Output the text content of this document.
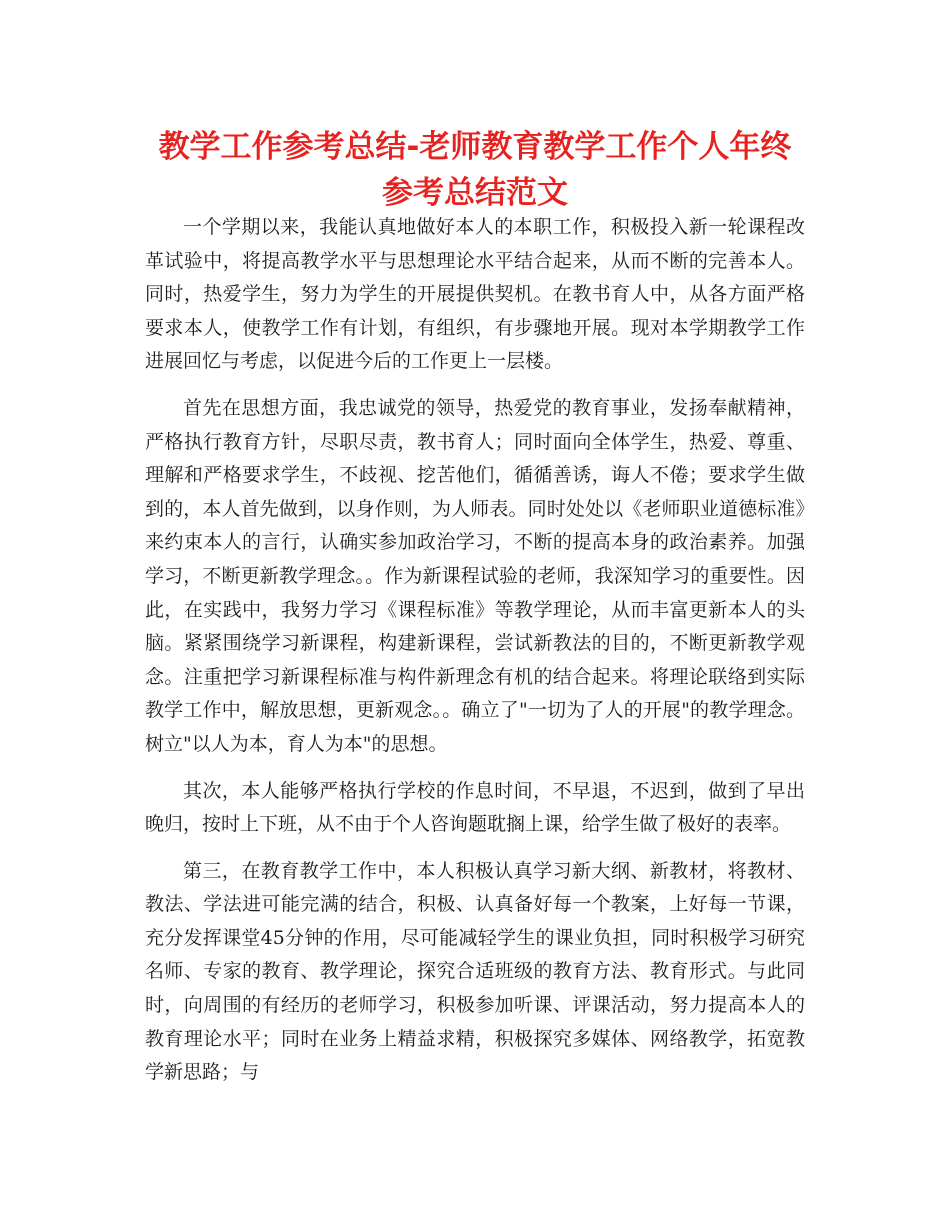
教学工作参考总结-老师教育教学工作个人年终
参考总结范文

一个学期以来，我能认真地做好本人的本职工作，积极投入新一轮课程改革试验中，将提高教学水平与思想理论水平结合起来，从而不断的完善本人。同时，热爱学生，努力为学生的开展提供契机。在教书育人中，从各方面严格要求本人，使教学工作有计划，有组织，有步骤地开展。现对本学期教学工作进展回忆与考虑，以促进今后的工作更上一层楼。

首先在思想方面，我忠诚党的领导，热爱党的教育事业，发扬奉献精神，严格执行教育方针，尽职尽责，教书育人；同时面向全体学生，热爱、尊重、理解和严格要求学生，不歧视、挖苦他们，循循善诱，诲人不倦；要求学生做到的，本人首先做到，以身作则，为人师表。同时处处以《老师职业道德标准》来约束本人的言行，认确实参加政治学习，不断的提高本身的政治素养。加强学习，不断更新教学理念。。作为新课程试验的老师，我深知学习的重要性。因此，在实践中，我努力学习《课程标准》等教学理论，从而丰富更新本人的头脑。紧紧围绕学习新课程，构建新课程，尝试新教法的目的，不断更新教学观念。注重把学习新课程标准与构件新理念有机的结合起来。将理论联络到实际教学工作中，解放思想，更新观念。。确立了"一切为了人的开展"的教学理念。树立"以人为本，育人为本"的思想。

其次，本人能够严格执行学校的作息时间，不早退，不迟到，做到了早出晚归，按时上下班，从不由于个人咨询题耽搁上课，给学生做了极好的表率。

第三，在教育教学工作中，本人积极认真学习新大纲、新教材，将教材、教法、学法进可能完满的结合，积极、认真备好每一个教案，上好每一节课，充分发挥课堂45分钟的作用，尽可能减轻学生的课业负担，同时积极学习研究名师、专家的教育、教学理论，探究合适班级的教育方法、教育形式。与此同时，向周围的有经历的老师学习，积极参加听课、评课活动，努力提高本人的教育理论水平；同时在业务上精益求精，积极探究多媒体、网络教学，拓宽教学新思路；与
